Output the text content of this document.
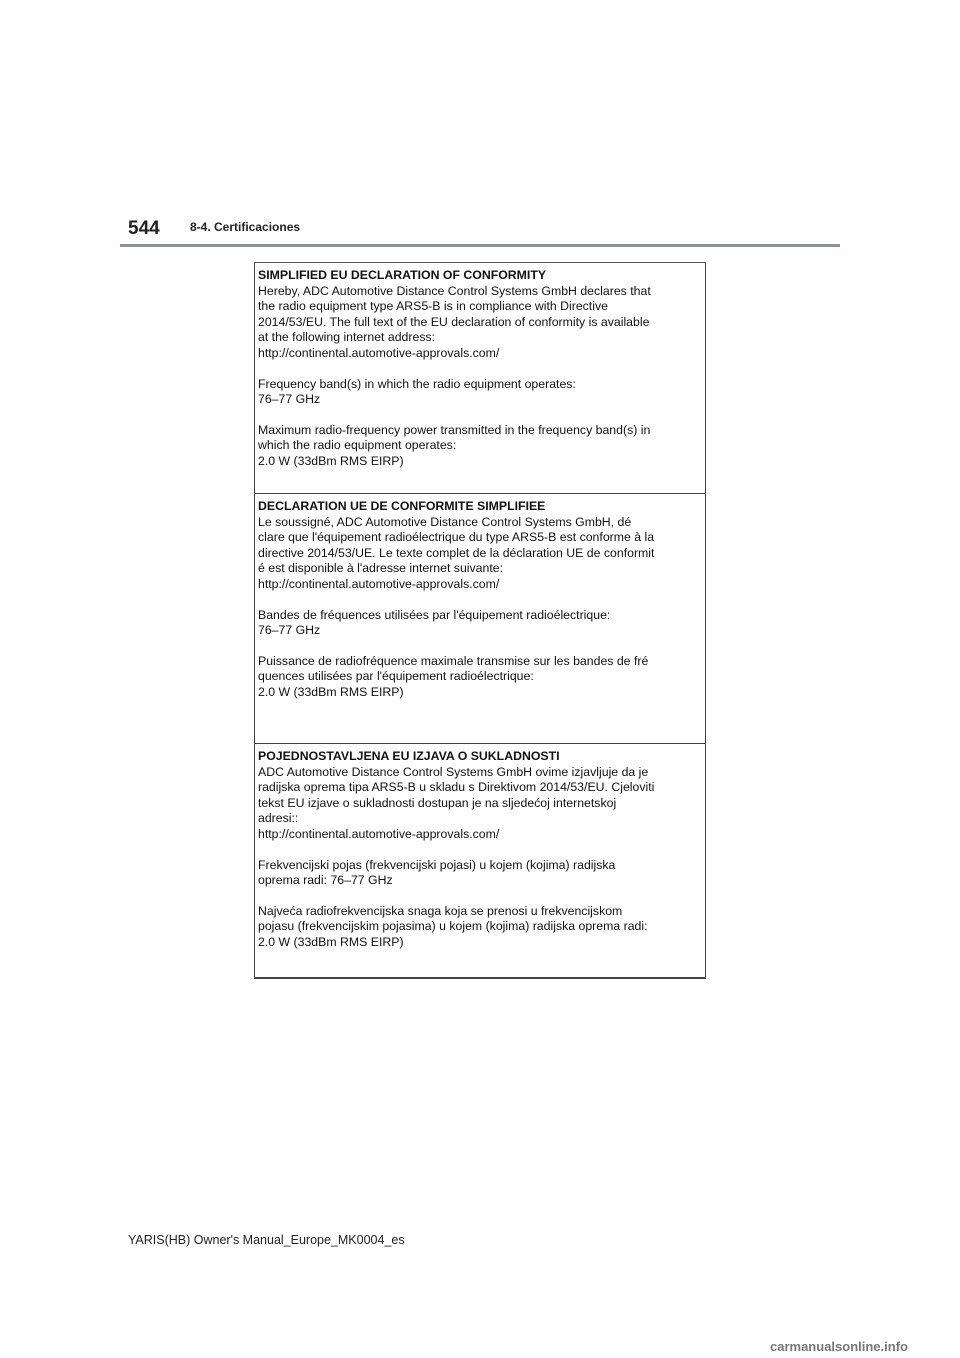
544	8-4. Certificaciones
SIMPLIFIED EU DECLARATION OF CONFORMITY

Hereby, ADC Automotive Distance Control Systems GmbH declares that
the radio equipment type ARS5-B is in compliance with Directive
2014/53/EU. The full text of the EU declaration of conformity is available
at the following internet address:
http://continental.automotive-approvals.com/

Frequency band(s) in which the radio equipment operates:
76–77 GHz

Maximum radio-frequency power transmitted in the frequency band(s) in
which the radio equipment operates:
2.0 W (33dBm RMS EIRP)

DECLARATION UE DE CONFORMITE SIMPLIFIEE

Le soussigné, ADC Automotive Distance Control Systems GmbH, dé
clare que l'équipement radioélectrique du type ARS5-B est conforme à la
directive 2014/53/UE. Le texte complet de la déclaration UE de conformit
é est disponible à l'adresse internet suivante:
http://continental.automotive-approvals.com/

Bandes de fréquences utilisées par l'équipement radioélectrique:
76–77 GHz

Puissance de radiofréquence maximale transmise sur les bandes de fré
quences utilisées par l'équipement radioélectrique:
2.0 W (33dBm RMS EIRP)

POJEDNOSTAVLJENA EU IZJAVA O SUKLADNOSTI

ADC Automotive Distance Control Systems GmbH ovime izjavljuje da je
radijska oprema tipa ARS5-B u skladu s Direktivom 2014/53/EU. Cjeloviti
tekst EU izjave o sukladnosti dostupan je na sljedećoj internetskoj
adresi::
http://continental.automotive-approvals.com/

Frekvencijski pojas (frekvencijski pojasi) u kojem (kojima) radijska
oprema radi: 76–77 GHz

Najveća radiofrekvencijska snaga koja se prenosi u frekvencijskom
pojasu (frekvencijskim pojasima) u kojem (kojima) radijska oprema radi:
2.0 W (33dBm RMS EIRP)

YARIS(HB) Owner's Manual_Europe_MK0004_es
carmanualsonline.info
